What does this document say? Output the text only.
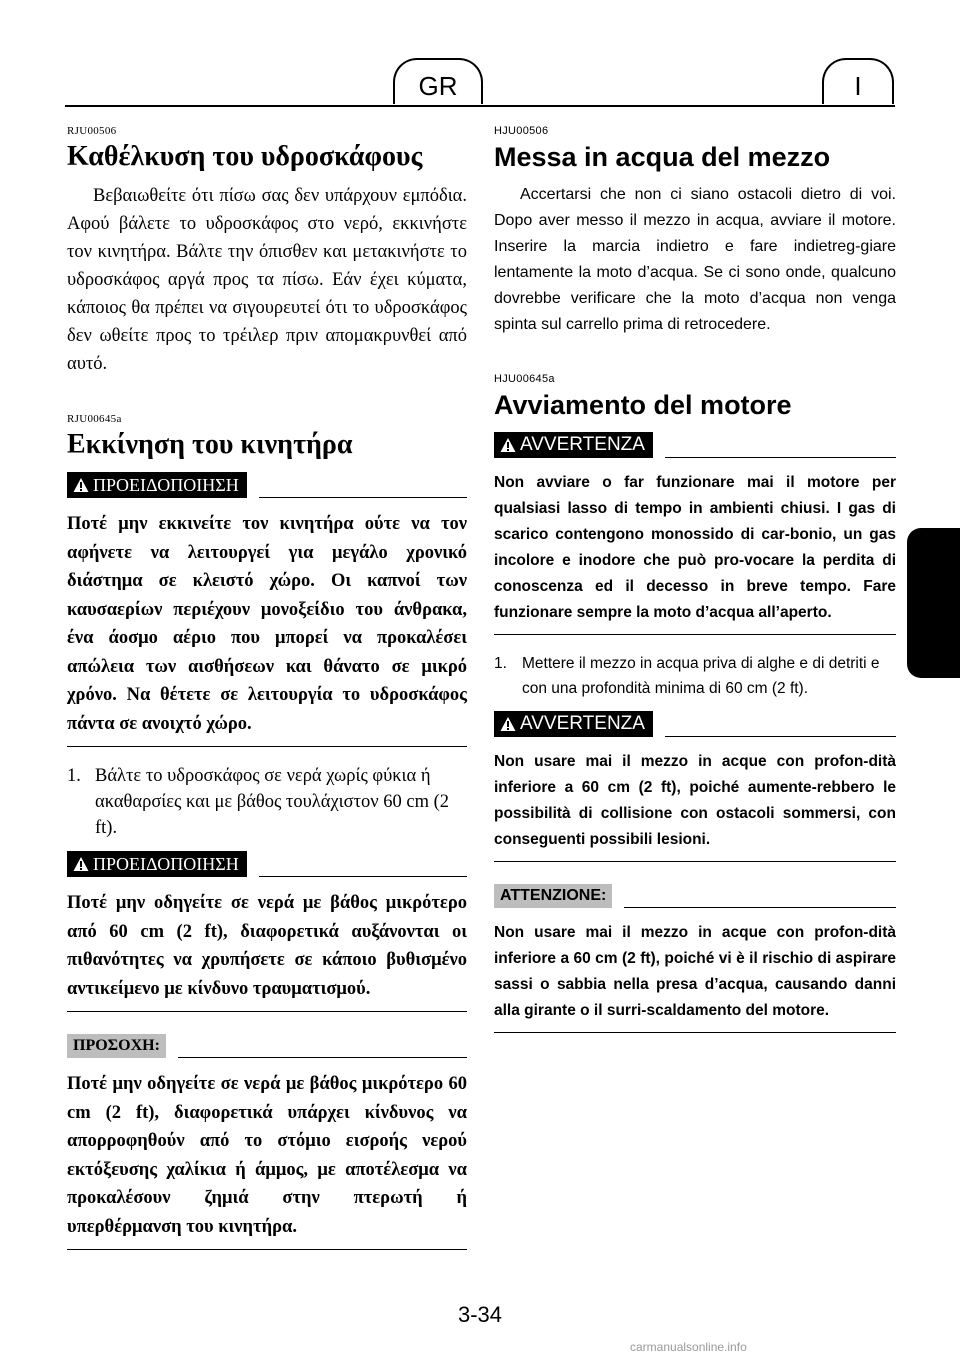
GR	I

RJU00506

Καθέλκυση του υδροσκάφους

Βεβαιωθείτε ότι πίσω σας δεν υπάρχουν εμπόδια. Αφού βάλετε το υδροσκάφος στο νερό, εκκινήστε τον κινητήρα. Βάλτε την όπισθεν και μετακινήστε το υδροσκάφος αργά προς τα πίσω. Εάν έχει κύματα, κάποιος θα πρέπει να σιγουρευτεί ότι το υδροσκάφος δεν ωθείτε προς το τρέιλερ πριν απομακρυνθεί από αυτό.

RJU00645a

Εκκίνηση του κινητήρα
ΠΡΟΕΙΔΟΠΟΙΗΣΗ

Ποτέ μην εκκινείτε τον κινητήρα ούτε να τον αφήνετε να λειτουργεί για μεγάλο χρονικό διάστημα σε κλειστό χώρο. Οι καπνοί των καυσαερίων περιέχουν μονοξείδιο του άνθρακα, ένα άοσμο αέριο που μπορεί να προκαλέσει απώλεια των αισθήσεων και θάνατο σε μικρό χρόνο. Να θέτετε σε λειτουργία το υδροσκάφος πάντα σε ανοιχτό χώρο.

1. Βάλτε το υδροσκάφος σε νερά χωρίς φύκια ή ακαθαρσίες και με βάθος τουλάχιστον 60 cm (2 ft).
ΠΡΟΕΙΔΟΠΟΙΗΣΗ

Ποτέ μην οδηγείτε σε νερά με βάθος μικρότερο από 60 cm (2 ft), διαφορετικά αυξάνονται οι πιθανότητες να χρυπήσετε σε κάποιο βυθισμένο αντικείμενο με κίνδυνο τραυματισμού.

ΠΡΟΣΟΧΗ:

Ποτέ μην οδηγείτε σε νερά με βάθος μικρότερο 60 cm (2 ft), διαφορετικά υπάρχει κίνδυνος να απορροφηθούν από το στόμιο εισροής νερού εκτόξευσης χαλίκια ή άμμος, με αποτέλεσμα να προκαλέσουν ζημιά στην πτερωτή ή υπερθέρμανση του κινητήρα.

HJU00506

Messa in acqua del mezzo

Accertarsi che non ci siano ostacoli dietro di voi. Dopo aver messo il mezzo in acqua, avviare il motore. Inserire la marcia indietro e fare indietreg-giare lentamente la moto d’acqua. Se ci sono onde, qualcuno dovrebbe verificare che la moto d’acqua non venga spinta sul carrello prima di retrocedere.

HJU00645a

Avviamento del motore
AVVERTENZA

Non avviare o far funzionare mai il motore per qualsiasi lasso di tempo in ambienti chiusi. I gas di scarico contengono monossido di car-bonio, un gas incolore e inodore che può pro-vocare la perdita di conoscenza ed il decesso in breve tempo. Fare funzionare sempre la moto d’acqua all’aperto.

1. Mettere il mezzo in acqua priva di alghe e di detriti e con una profondità minima di 60 cm (2 ft).
AVVERTENZA

Non usare mai il mezzo in acque con profon-dità inferiore a 60 cm (2 ft), poiché aumente-rebbero le possibilità di collisione con ostacoli sommersi, con conseguenti possibili lesioni.

ATTENZIONE:

Non usare mai il mezzo in acque con profon-dità inferiore a 60 cm (2 ft), poiché vi è il rischio di aspirare sassi o sabbia nella presa d’acqua, causando danni alla girante o il surri-scaldamento del motore.

3-34
carmanualsonline.info
